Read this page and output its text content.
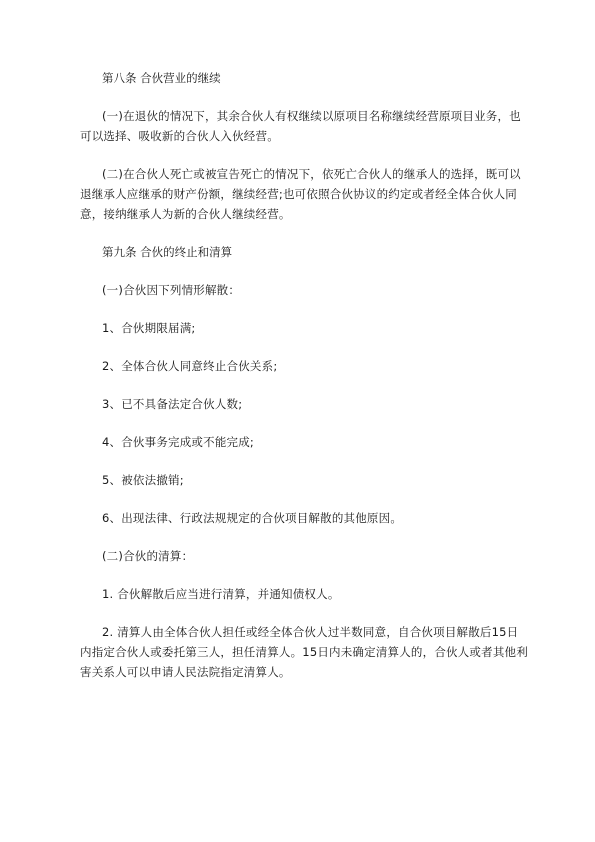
第八条 合伙营业的继续

(一)在退伙的情况下，其余合伙人有权继续以原项目名称继续经营原项目业务，也可以选择、吸收新的合伙人入伙经营。

(二)在合伙人死亡或被宣告死亡的情况下，依死亡合伙人的继承人的选择，既可以退继承人应继承的财产份额，继续经营;也可依照合伙协议的约定或者经全体合伙人同意，接纳继承人为新的合伙人继续经营。

第九条 合伙的终止和清算

(一)合伙因下列情形解散：

1、合伙期限届满;

2、全体合伙人同意终止合伙关系;

3、已不具备法定合伙人数;

4、合伙事务完成或不能完成;

5、被依法撤销;

6、出现法律、行政法规规定的合伙项目解散的其他原因。

(二)合伙的清算：

1. 合伙解散后应当进行清算，并通知债权人。

2. 清算人由全体合伙人担任或经全体合伙人过半数同意，自合伙项目解散后15日内指定合伙人或委托第三人，担任清算人。15日内未确定清算人的，合伙人或者其他利害关系人可以申请人民法院指定清算人。
